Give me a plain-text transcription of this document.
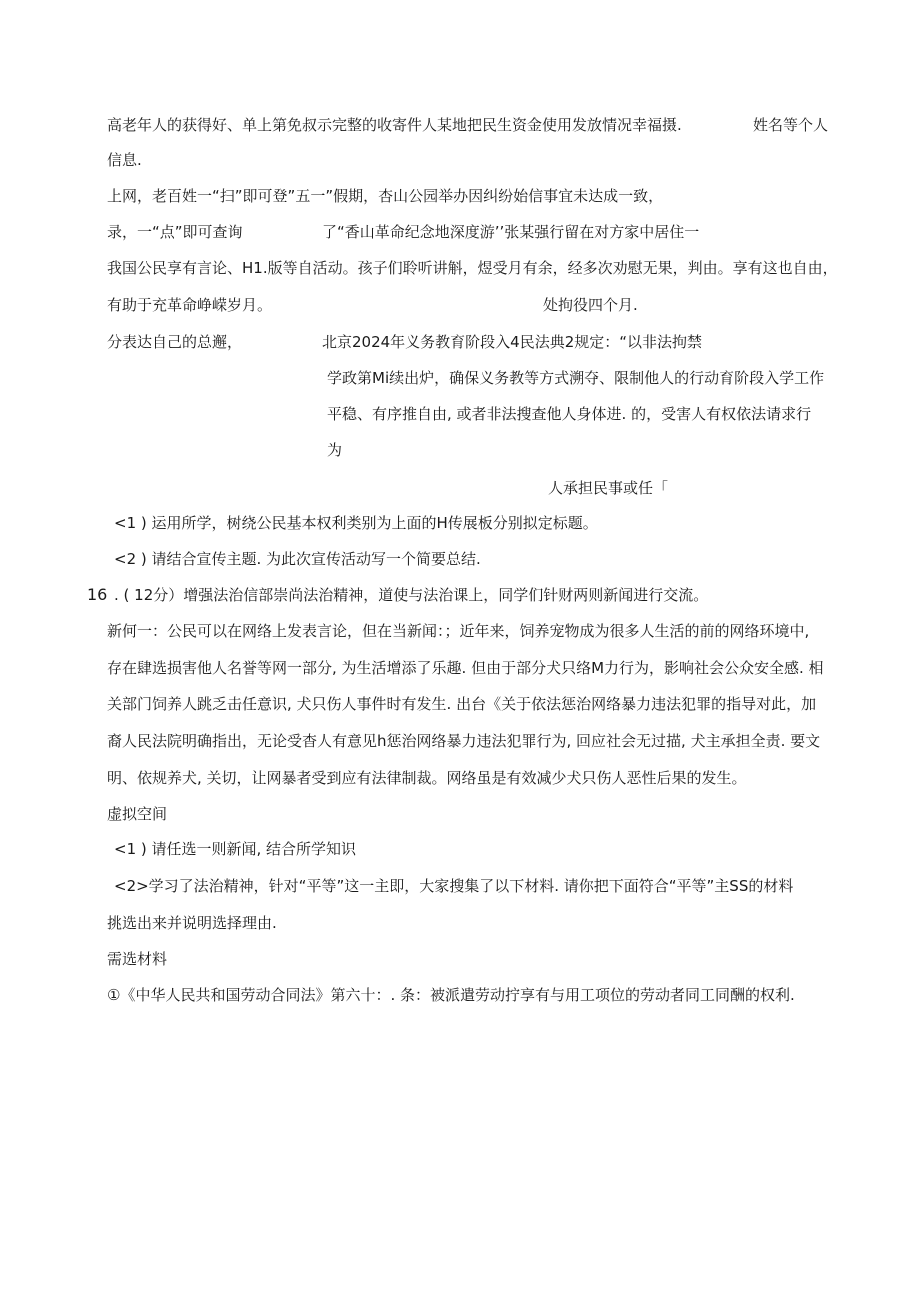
高老年人的获得好、单上第免叔示完整的收寄件人某地把民生资金使用发放情况幸福摄.	姓名等个人
信息.
上网，老百姓一“扫”即可登”五一”假期，杏山公园举办因纠纷始信事宜未达成一致，
录，一“点”即可查询	了“香山革命纪念地深度游’’张某强行留在对方家中居住一
我国公民享有言论、H1.版等自活动。孩子们聆听讲斛，煜受月有余，经多次劝慰无果，判由。享有这也自由，
有助于充革命峥嵘岁月。	处拘役四个月.
分表达自己的总邂，	北京2024年义务教育阶段入4民法典2规定：“以非法拘禁
学政第Mi续出炉，确保义务教等方式溯夺、限制他人的行动育阶段入学工作
平稳、有序推自由, 或者非法搜查他人身体进. 的，受害人有权依法请求行
为
人承担民事或任「
<1 ) 运用所学，树绕公民基本权利类别为上面的H传展板分别拟定标题。
<2 ) 请结合宣传主题. 为此次宣传活动写一个简要总结.
16 . ( 12分）增强法治信部崇尚法治精神，道使与法治课上，同学们针财两则新闻进行交流。
新何一：公民可以在网络上发表言论，但在当新闻：；近年来，饲养宠物成为很多人生活的前的网络环境中,
存在肆选损害他人名誉等网一部分, 为生活增添了乐趣. 但由于部分犬只络M力行为，影响社会公众安全感. 相
关部门饲养人跳乏击任意识, 犬只伤人事件时有发生. 出台《关于依法惩治网络暴力违法犯罪的指导对此，加
裔人民法院明确指出，无论受杳人有意见h惩治网络暴力违法犯罪行为, 回应社会无过描, 犬主承担全责. 要文
明、依规养犬, 关切，让网暴者受到应有法律制裁。网络虽是有效减少犬只伤人恶性后果的发生。
虚拟空间
<1 ) 请任选一则新闻, 结合所学知识
<2>学习了法治精神，针对“平等”这一主即，大家搜集了以下材料. 请你把下面符合“平等”主SS的材料
挑选出来并说明选择理由.
需选材料
①《中华人民共和国劳动合同法》第六十：. 条：被派遣劳动拧享有与用工项位的劳动者同工同酬的权利.
